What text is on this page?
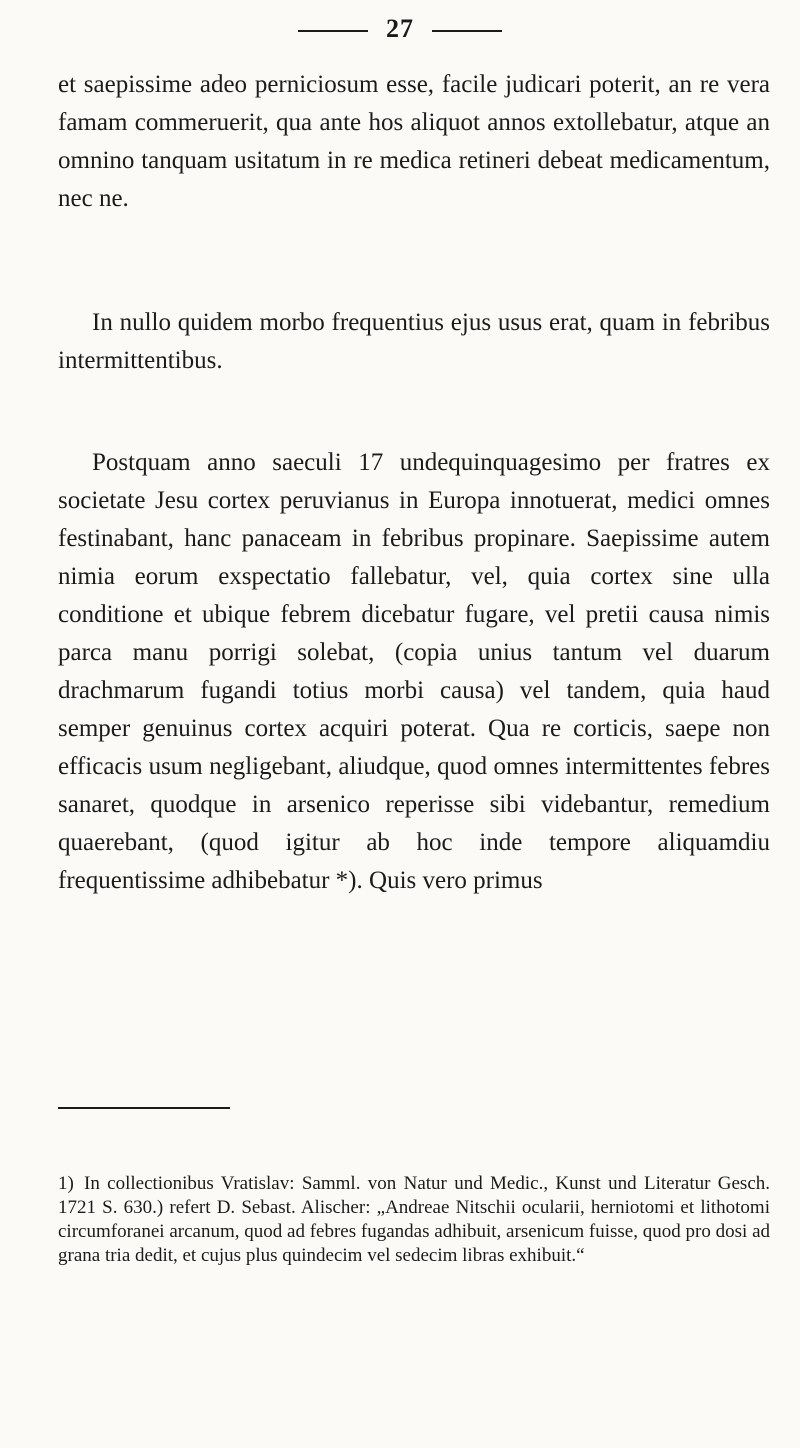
27

et saepissime adeo perniciosum esse, facile judicari poterit, an re vera famam commeruerit, qua ante hos aliquot annos extollebatur, atque an omnino tanquam usitatum in re medica retineri debeat medicamentum, nec ne.

In nullo quidem morbo frequentius ejus usus erat, quam in febribus intermittentibus.

Postquam anno saeculi 17 undequinquagesimo per fratres ex societate Jesu cortex peruvianus in Europa innotuerat, medici omnes festinabant, hanc panaceam in febribus propinare. Saepissime autem nimia eorum exspectatio fallebatur, vel, quia cortex sine ulla conditione et ubique febrem dicebatur fugare, vel pretii causa nimis parca manu porrigi solebat, (copia unius tantum vel duarum drachmarum fugandi totius morbi causa) vel tandem, quia haud semper genuinus cortex acquiri poterat. Qua re corticis, saepe non efficacis usum negligebant, aliudque, quod omnes intermittentes febres sanaret, quodque in arsenico reperisse sibi videbantur, remedium quaerebant, (quod igitur ab hoc inde tempore aliquamdiu frequentissime adhibebatur *). Quis vero primus

1) In collectionibus Vratislav: Samml. von Natur und Medic., Kunst und Literatur Gesch. 1721 S. 630.) refert D. Sebast. Alischer: „Andreae Nitschii ocularii, herniotomi et lithotomi circumforanei arcanum, quod ad febres fugandas adhibuit, arsenicum fuisse, quod pro dosi ad grana tria dedit, et cujus plus quindecim vel sedecim libras exhibuit.“
